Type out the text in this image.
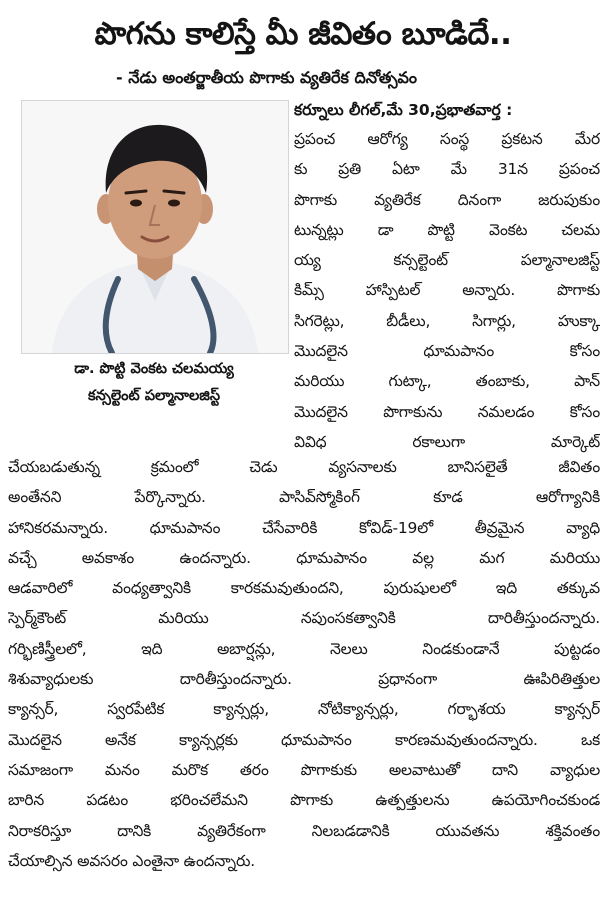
పొగను కాలిస్తే మీ జీవితం బూడిదే..
- నేడు అంతర్జాతీయ పొగాకు వ్యతిరేక దినోత్సవం

డా. పొట్టి వెంకట చలమయ్య

కన్సల్టెంట్ పల్మానాలజిస్ట్

కర్నూలు లీగల్,మే 30,ప్రభాతవార్త :
ప్రపంచ ఆరోగ్య సంస్థ ప్రకటన మేర
కు ప్రతి ఏటా మే 31న ప్రపంచ
పొగాకు వ్యతిరేక దినంగా జరుపుకుం
టున్నట్లు డా పొట్టి వెంకట చలమ
య్య కన్సల్టెంట్ పల్మానాలజిస్ట్
కిమ్స్ హాస్పిటల్ అన్నారు. పొగాకు
సిగరెట్లు, బీడీలు, సిగార్లు, హుక్కా
మొదలైన ధూమపానం కోసం
మరియు గుట్కా, తంబాకు, పాన్
మొదలైన పొగాకును నమలడం కోసం
వివిధ రకాలుగా మార్కెట్
చేయబడుతున్న క్రమంలో చెడు వ్యసనాలకు బానిసలైతే జీవితం
అంతేనని పేర్కొన్నారు. పాసివ్‌స్మోకింగ్ కూడ ఆరోగ్యానికి
హానికరమన్నారు. ధూమపానం చేసేవారికి కోవిడ్-19లో తీవ్రమైన వ్యాధి
వచ్చే అవకాశం ఉందన్నారు. ధూమపానం వల్ల మగ మరియు
ఆడవారిలో వంధ్యత్వానికి కారకమవుతుందని, పురుషులలో ఇది తక్కువ
స్పెర్మ్‌కౌంట్ మరియు నపుంసకత్వానికి దారితీస్తుందన్నారు.
గర్భిణిస్త్రీలలో, ఇది అబార్షన్లు, నెలలు నిండకుండానే పుట్టడం
శిశువ్యాధులకు దారితీస్తుందన్నారు. ప్రధానంగా ఊపిరితిత్తుల
క్యాన్సర్, స్వరపేటిక క్యాన్సర్లు, నోటిక్యాన్సర్లు, గర్భాశయ క్యాన్సర్
మొదలైన అనేక క్యాన్సర్లకు ధూమపానం కారణమవుతుందన్నారు. ఒక
సమాజంగా మనం మరొక తరం పొగాకుకు అలవాటుతో దాని వ్యాధుల
బారిన పడటం భరించలేమని పొగాకు ఉత్పత్తులను ఉపయోగించకుండ
నిరాకరిస్తూ దానికి వ్యతిరేకంగా నిలబడడానికి యువతను శక్తివంతం
చేయాల్సిన అవసరం ఎంతైనా ఉందన్నారు.
